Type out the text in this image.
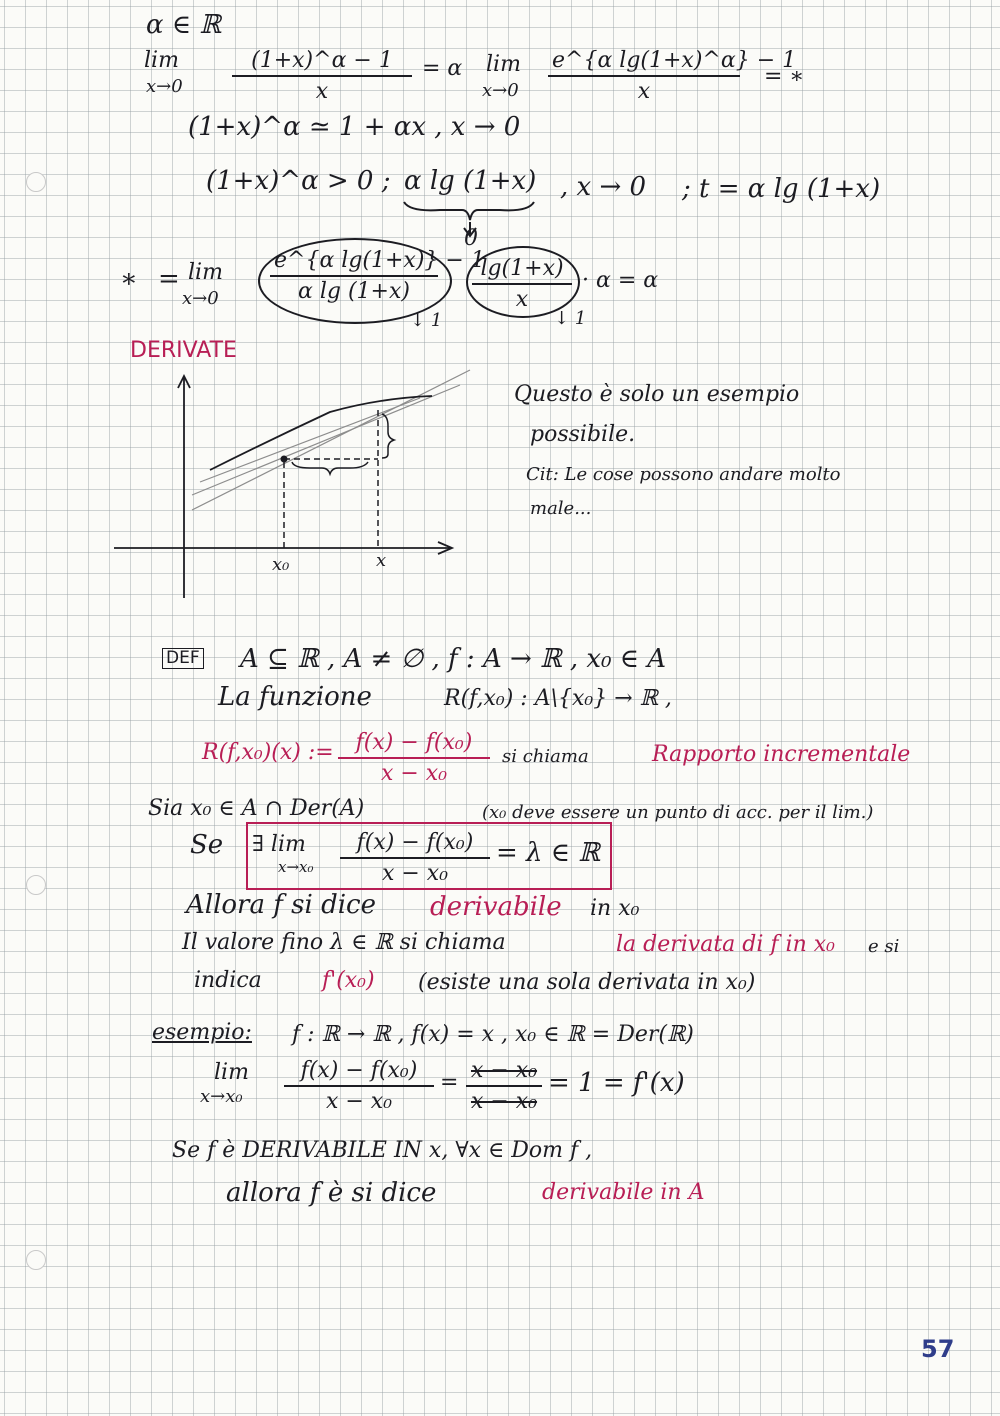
α ∈ ℝ
lim
$x\to 0 \frac{(1+x)\^{}\alpha - 1}{x} = \alpha$ lim
$x\to 0 \frac{\text{e\textasciicircum{}\{α lg(1+x)\textasciicircum{}α\} − 1}}{x}$ = ∗
(1+x)^α ≃ 1 + αx , x → 0
(1+x)^α > 0 ; α lg (1+x) , x → 0 ; t = α lg (1+x)
0
∗ = lim
$x\to 0 \frac{\text{e\textasciicircum{}\{α lg(1+x)\} − 1}}{\text{α lg (1+x)}} \frac{\lg(1+x)}{x} \cdot \alpha = \alpha$
↓ 1	↓ 1
DERIVATE
x₀	x
Questo è solo un esempio
possibile.
Cit: Le cose possono andare molto
male...
DEF A ⊆ ℝ , A ≠ ∅ , f : A → ℝ , x₀ ∈ A
La funzione	R(f,x₀) : A\{x₀} → ℝ ,
R(f,x₀)(x) := $\frac{\text{f(x) − f(x₀)}}{\text{x − x₀}}$ si chiama	Rapporto incrementale
Sia x₀ ∈ A ∩ Der(A)	(x₀ deve essere un punto di acc. per il lim.)
Se ∃ lim
$x\to x_0 \frac{\text{f(x) − f(x₀)}}{\text{x − x₀}} = \lambda$ ∈ ℝ
Allora f si dice derivabile in x₀
Il valore fino λ ∈ ℝ si chiama	la derivata di f in x₀ e si
indica	f'(x₀) (esiste una sola derivata in x₀)
esempio: f : ℝ → ℝ , f(x) = x , x₀ ∈ ℝ = Der(ℝ)
lim
$x\to x_0 \frac{\text{f(x) − f(x₀)}}{\text{x − x₀}} = \frac{\text{x − x₀}}{\text{x − x₀}} = 1 = f'(x)$
Se f è DERIVABILE IN x, ∀x ∈ Dom f ,
allora f è si dice	derivabile in A
57
